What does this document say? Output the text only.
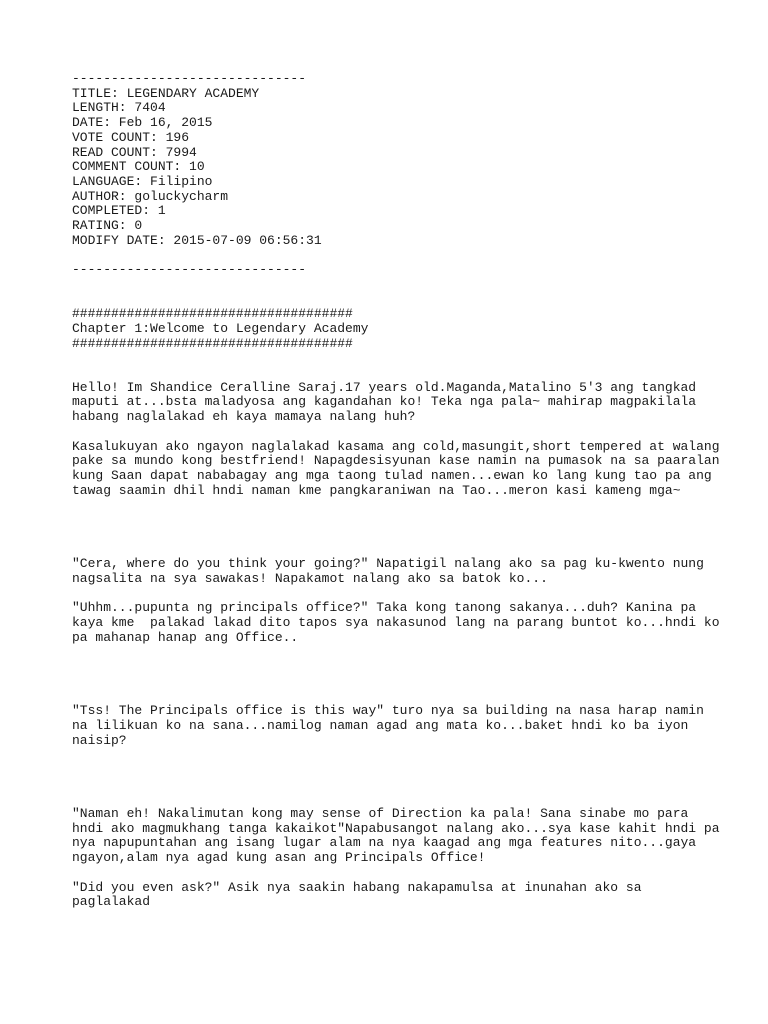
------------------------------
TITLE: LEGENDARY ACADEMY
LENGTH: 7404
DATE: Feb 16, 2015
VOTE COUNT: 196
READ COUNT: 7994
COMMENT COUNT: 10
LANGUAGE: Filipino
AUTHOR: goluckycharm
COMPLETED: 1
RATING: 0
MODIFY DATE: 2015-07-09 06:56:31
------------------------------
####################################
Chapter 1:Welcome to Legendary Academy
####################################
Hello! Im Shandice Ceralline Saraj.17 years old.Maganda,Matalino 5'3 ang tangkad
maputi at...bsta maladyosa ang kagandahan ko! Teka nga pala~ mahirap magpakilala
habang naglalakad eh kaya mamaya nalang huh?
Kasalukuyan ako ngayon naglalakad kasama ang cold,masungit,short tempered at walang
pake sa mundo kong bestfriend! Napagdesisyunan kase namin na pumasok na sa paaralan
kung Saan dapat nababagay ang mga taong tulad namen...ewan ko lang kung tao pa ang
tawag saamin dhil hndi naman kme pangkaraniwan na Tao...meron kasi kameng mga~
"Cera, where do you think your going?" Napatigil nalang ako sa pag ku-kwento nung
nagsalita na sya sawakas! Napakamot nalang ako sa batok ko...
"Uhhm...pupunta ng principals office?" Taka kong tanong sakanya...duh? Kanina pa
kaya kme  palakad lakad dito tapos sya nakasunod lang na parang buntot ko...hndi ko
pa mahanap hanap ang Office..
"Tss! The Principals office is this way" turo nya sa building na nasa harap namin
na lilikuan ko na sana...namilog naman agad ang mata ko...baket hndi ko ba iyon
naisip?
"Naman eh! Nakalimutan kong may sense of Direction ka pala! Sana sinabe mo para
hndi ako magmukhang tanga kakaikot"Napabusangot nalang ako...sya kase kahit hndi pa
nya napupuntahan ang isang lugar alam na nya kaagad ang mga features nito...gaya
ngayon,alam nya agad kung asan ang Principals Office!
"Did you even ask?" Asik nya saakin habang nakapamulsa at inunahan ako sa
paglalakad
